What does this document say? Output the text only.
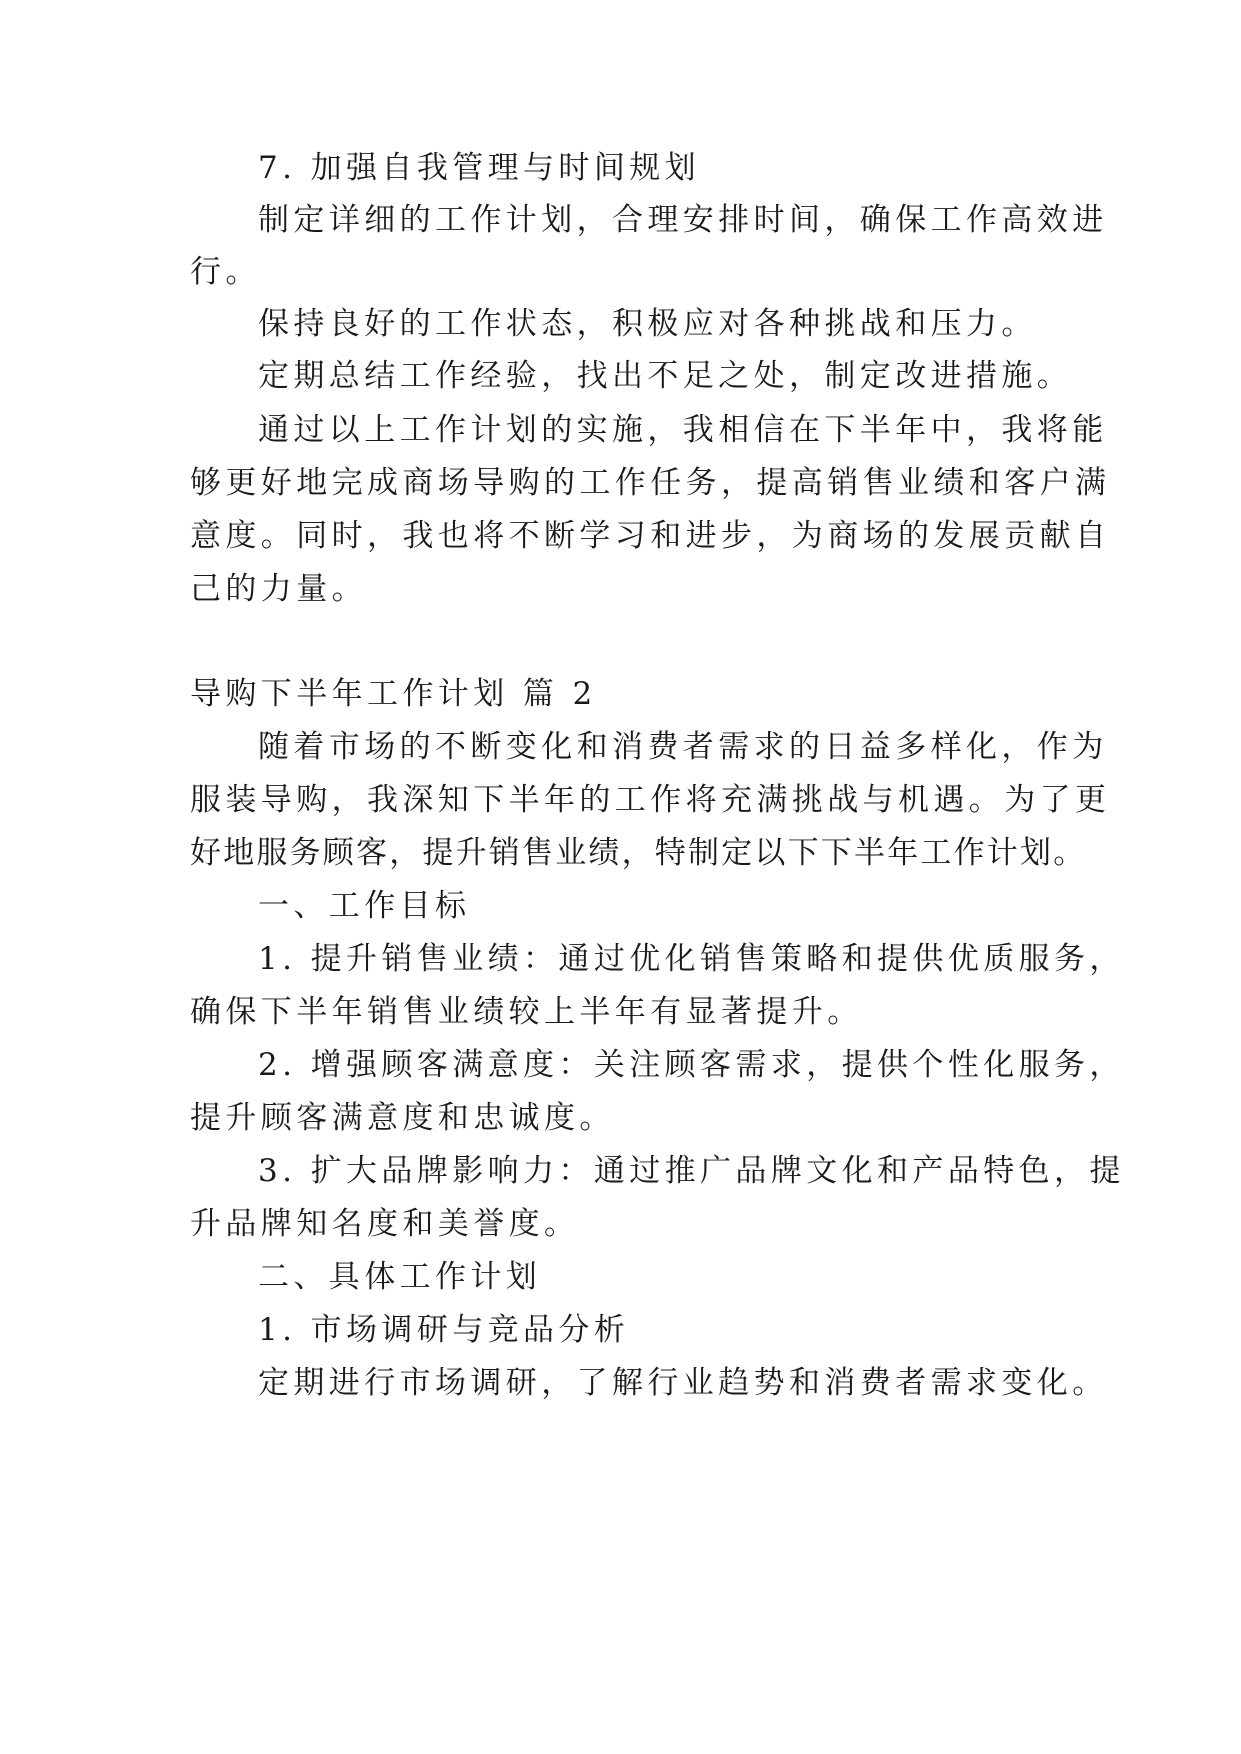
7. 加强自我管理与时间规划
制定详细的工作计划，合理安排时间，确保工作高效进
行。
保持良好的工作状态，积极应对各种挑战和压力。
定期总结工作经验，找出不足之处，制定改进措施。
通过以上工作计划的实施，我相信在下半年中，我将能
够更好地完成商场导购的工作任务，提高销售业绩和客户满
意度。同时，我也将不断学习和进步，为商场的发展贡献自
己的力量。
导购下半年工作计划 篇 2
随着市场的不断变化和消费者需求的日益多样化，作为
服装导购，我深知下半年的工作将充满挑战与机遇。为了更
好地服务顾客，提升销售业绩，特制定以下下半年工作计划。
一、工作目标
1. 提升销售业绩：通过优化销售策略和提供优质服务，
确保下半年销售业绩较上半年有显著提升。
2. 增强顾客满意度：关注顾客需求，提供个性化服务，
提升顾客满意度和忠诚度。
3. 扩大品牌影响力：通过推广品牌文化和产品特色，提
升品牌知名度和美誉度。
二、具体工作计划
1. 市场调研与竞品分析
定期进行市场调研，了解行业趋势和消费者需求变化。
